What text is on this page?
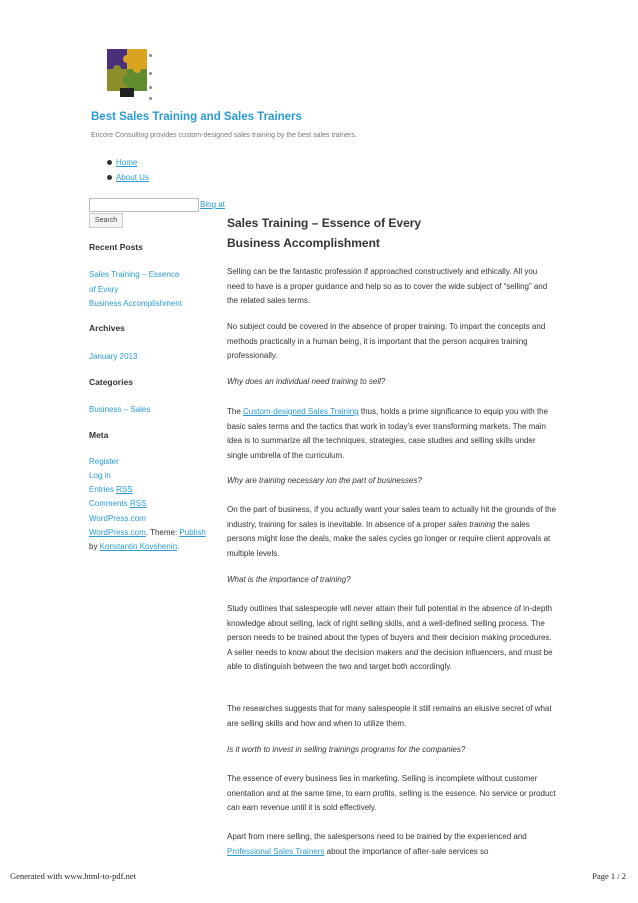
Best Sales Training and Sales Trainers
Encore Consulting provides custom-designed sales training by the best sales trainers.
Home
About Us
Blog at
Search
Recent Posts
Sales Training – Essence
of Every
Business Accomplishment
Archives
January 2013
Categories
Business – Sales
Meta
Register
Log in
Entries RSS
Comments RSS
WordPress.com
WordPress.com. Theme: Publish
by Konstantin Kovshenin.
Sales Training – Essence of Every
Business Accomplishment

Selling can be the fantastic profession if approached constructively and ethically. All you need to have is a proper guidance and help so as to cover the wide subject of “selling” and the related sales terms.

No subject could be covered in the absence of proper training. To impart the concepts and methods practically in a human being, it is important that the person acquires training professionally.

Why does an individual need training to sell?

The Custom-designed Sales Training thus, holds a prime significance to equip you with the basic sales terms and the tactics that work in today’s ever transforming markets. The main idea is to summarize all the techniques, strategies, case studies and selling skills under single umbrella of the curriculum.

Why are training necessary ion the part of businesses?

On the part of business, if you actually want your sales team to actually hit the grounds of the industry, training for sales is inevitable. In absence of a proper sales training the sales persons might lose the deals, make the sales cycles go longer or require client approvals at multiple levels.

What is the importance of training?

Study outlines that salespeople will never attain their full potential in the absence of in-depth knowledge about selling, lack of right selling skills, and a well-defined selling process. The person needs to be trained about the types of buyers and their decision making procedures. A seller needs to know about the decision makers and the decision influencers, and must be able to distinguish between the two and target both accordingly.

The researches suggests that for many salespeople it still remains an elusive secret of what are selling skills and how and when to utilize them.

Is it worth to invest in selling trainings programs for the companies?

The essence of every business lies in marketing. Selling is incomplete without customer orientation and at the same time, to earn profits, selling is the essence. No service or product can earn revenue until it is sold effectively.

Apart from mere selling, the salespersons need to be trained by the experienced and Professional Sales Trainers about the importance of after-sale services so

Generated with www.html-to-pdf.net	Page 1 / 2
